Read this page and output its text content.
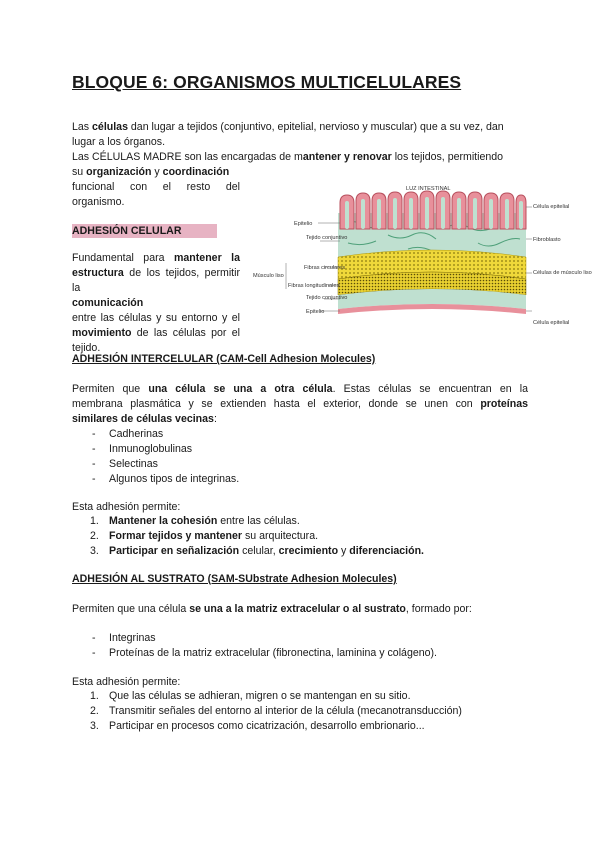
BLOQUE 6: ORGANISMOS MULTICELULARES
Las células dan lugar a tejidos (conjuntivo, epitelial, nervioso y muscular) que a su vez, dan
lugar a los órganos.
Las CÉLULAS MADRE son las encargadas de mantener y renovar los tejidos, permitiendo
su organización y coordinación
funcional con el resto del
organismo.
ADHESIÓN CELULAR
Fundamental para mantener la
estructura de los tejidos, permitir
la
comunicación
entre las células y su entorno y el
movimiento de las células por el
tejido.
LUZ INTESTINAL
Epitelio
Tejido conjuntivo
Fibras circulares
Fibras longitudinales
Tejido conjuntivo
Epitelio
Músculo liso
Célula epitelial
Fibroblasto
Células de músculo liso
Célula epitelial
ADHESIÓN INTERCELULAR (CAM-Cell Adhesion Molecules)
Permiten que una célula se una a otra célula. Estas células se encuentran en la
membrana plasmática y se extienden hasta el exterior, donde se unen con proteínas
similares de células vecinas:
- Cadherinas
- Inmunoglobulinas
- Selectinas
- Algunos tipos de integrinas.
Esta adhesión permite:
1. Mantener la cohesión entre las células.
2. Formar tejidos y mantener su arquitectura.
3. Participar en señalización celular, crecimiento y diferenciación.
ADHESIÓN AL SUSTRATO (SAM-SUbstrate Adhesion Molecules)
Permiten que una célula se una a la matriz extracelular o al sustrato, formado por:
- Integrinas
- Proteínas de la matriz extracelular (fibronectina, laminina y colágeno).
Esta adhesión permite:
1. Que las células se adhieran, migren o se mantengan en su sitio.
2. Transmitir señales del entorno al interior de la célula (mecanotransducción)
3. Participar en procesos como cicatrización, desarrollo embrionario...
